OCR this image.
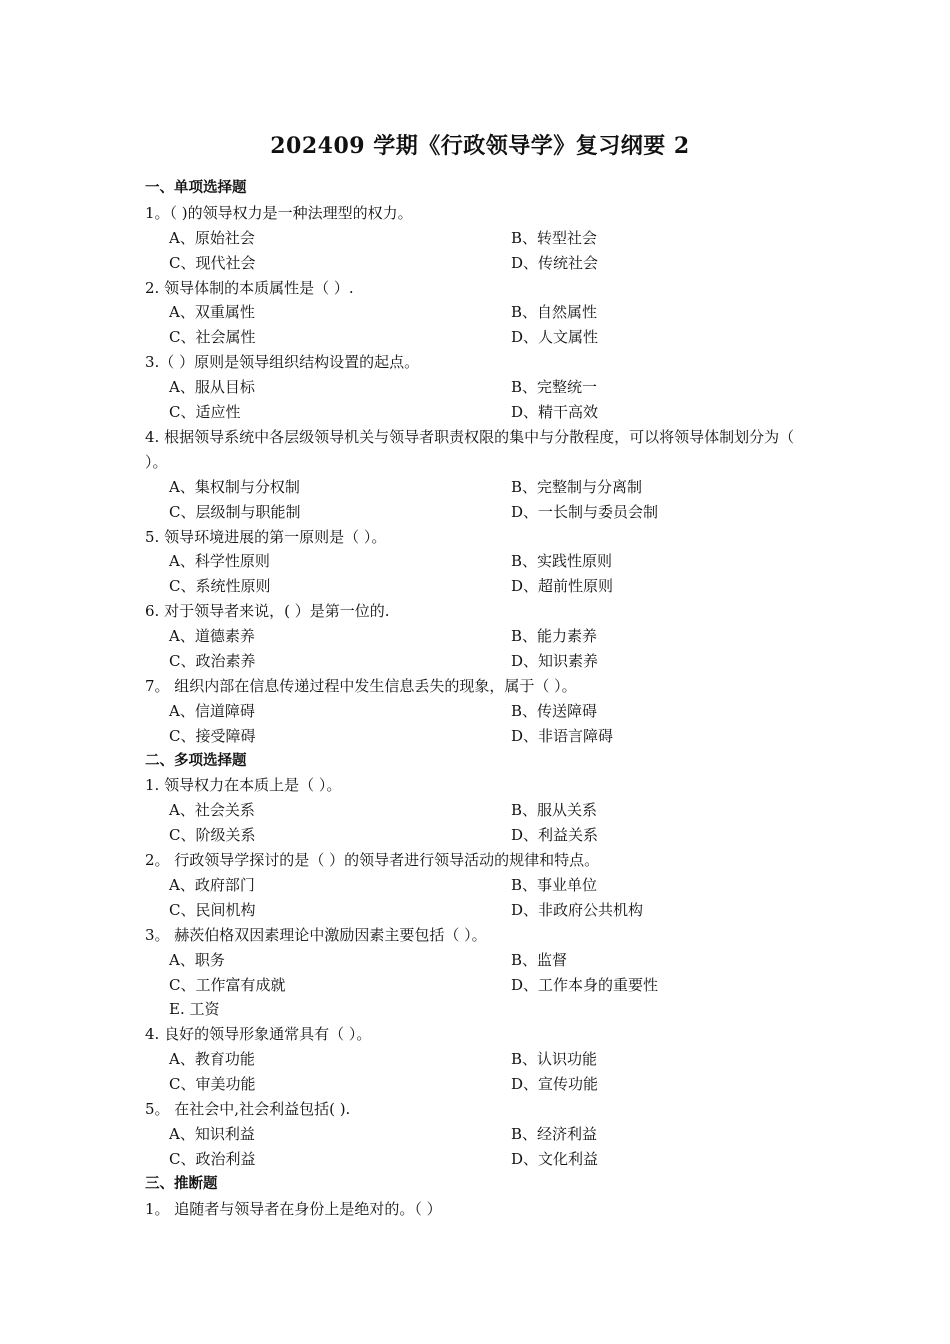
202409 学期《行政领导学》复习纲要 2
一、单项选择题
1。（ )的领导权力是一种法理型的权力。
A、原始社会	B、转型社会
C、现代社会	D、传统社会
2. 领导体制的本质属性是（ ）.
A、双重属性	B、自然属性
C、社会属性	D、人文属性
3.（ ）原则是领导组织结构设置的起点。
A、服从目标	B、完整统一
C、适应性	D、精干高效
4. 根据领导系统中各层级领导机关与领导者职责权限的集中与分散程度，可以将领导体制划分为（ ）。
A、集权制与分权制	B、完整制与分离制
C、层级制与职能制	D、一长制与委员会制
5. 领导环境进展的第一原则是（ ）。
A、科学性原则	B、实践性原则
C、系统性原则	D、超前性原则
6. 对于领导者来说，( ）是第一位的.
A、道德素养	B、能力素养
C、政治素养	D、知识素养
7。 组织内部在信息传递过程中发生信息丢失的现象，属于（ ）。
A、信道障碍	B、传送障碍
C、接受障碍	D、非语言障碍
二、多项选择题
1. 领导权力在本质上是（ ）。
A、社会关系	B、服从关系
C、阶级关系	D、利益关系
2。 行政领导学探讨的是（ ）的领导者进行领导活动的规律和特点。
A、政府部门	B、事业单位
C、民间机构	D、非政府公共机构
3。 赫茨伯格双因素理论中激励因素主要包括（ ）。
A、职务	B、监督
C、工作富有成就	D、工作本身的重要性
E. 工资
4. 良好的领导形象通常具有（ ）。
A、教育功能	B、认识功能
C、审美功能	D、宣传功能
5。 在社会中,社会利益包括( ).
A、知识利益	B、经济利益
C、政治利益	D、文化利益
三、推断题
1。 追随者与领导者在身份上是绝对的。（ ）
